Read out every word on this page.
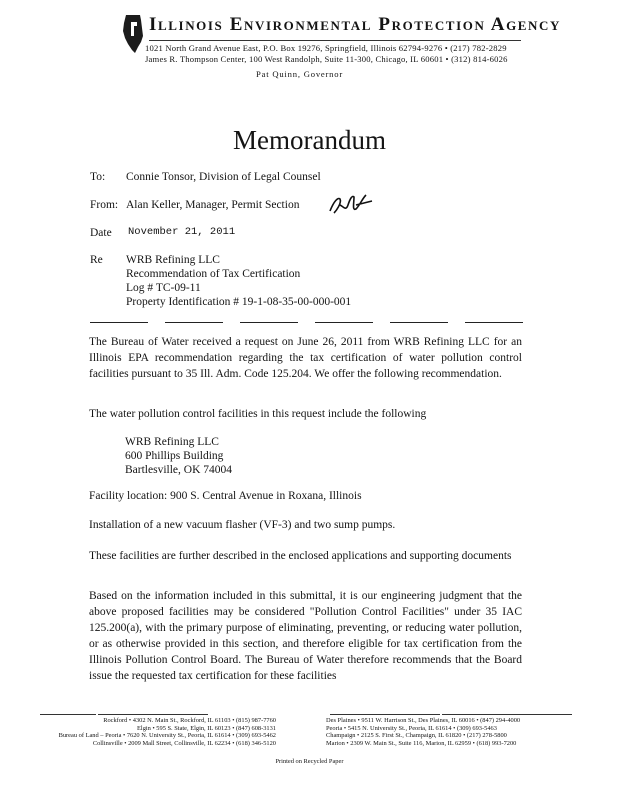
Illinois Environmental Protection Agency
1021 North Grand Avenue East, P.O. Box 19276, Springfield, Illinois 62794-9276 • (217) 782-2829
James R. Thompson Center, 100 West Randolph, Suite 11-300, Chicago, IL 60601 • (312) 814-6026
Pat Quinn, Governor
Memorandum
To: Connie Tonsor, Division of Legal Counsel
From: Alan Keller, Manager, Permit Section
Date November 21, 2011
Re WRB Refining LLC
Recommendation of Tax Certification
Log # TC-09-11
Property Identification # 19-1-08-35-00-000-001

The Bureau of Water received a request on June 26, 2011 from WRB Refining LLC for an Illinois EPA recommendation regarding the tax certification of water pollution control facilities pursuant to 35 Ill. Adm. Code 125.204. We offer the following recommendation.

The water pollution control facilities in this request include the following

WRB Refining LLC
600 Phillips Building
Bartlesville, OK 74004
Facility location: 900 S. Central Avenue in Roxana, Illinois
Installation of a new vacuum flasher (VF-3) and two sump pumps.

These facilities are further described in the enclosed applications and supporting documents

Based on the information included in this submittal, it is our engineering judgment that the above proposed facilities may be considered "Pollution Control Facilities" under 35 IAC 125.200(a), with the primary purpose of eliminating, preventing, or reducing water pollution, or as otherwise provided in this section, and therefore eligible for tax certification from the Illinois Pollution Control Board. The Bureau of Water therefore recommends that the Board issue the requested tax certification for these facilities

Rockford • 4302 N. Main St., Rockford, IL 61103 • (815) 987-7760
Elgin • 595 S. State, Elgin, IL 60123 • (847) 608-3131
Bureau of Land – Peoria • 7620 N. University St., Peoria, IL 61614 • (309) 693-5462
Collinsville • 2009 Mall Street, Collinsville, IL 62234 • (618) 346-5120
Des Plaines • 9511 W. Harrison St., Des Plaines, IL 60016 • (847) 294-4000
Peoria • 5415 N. University St., Peoria, IL 61614 • (309) 693-5463
Champaign • 2125 S. First St., Champaign, IL 61820 • (217) 278-5800
Marion • 2309 W. Main St., Suite 116, Marion, IL 62959 • (618) 993-7200
Printed on Recycled Paper
